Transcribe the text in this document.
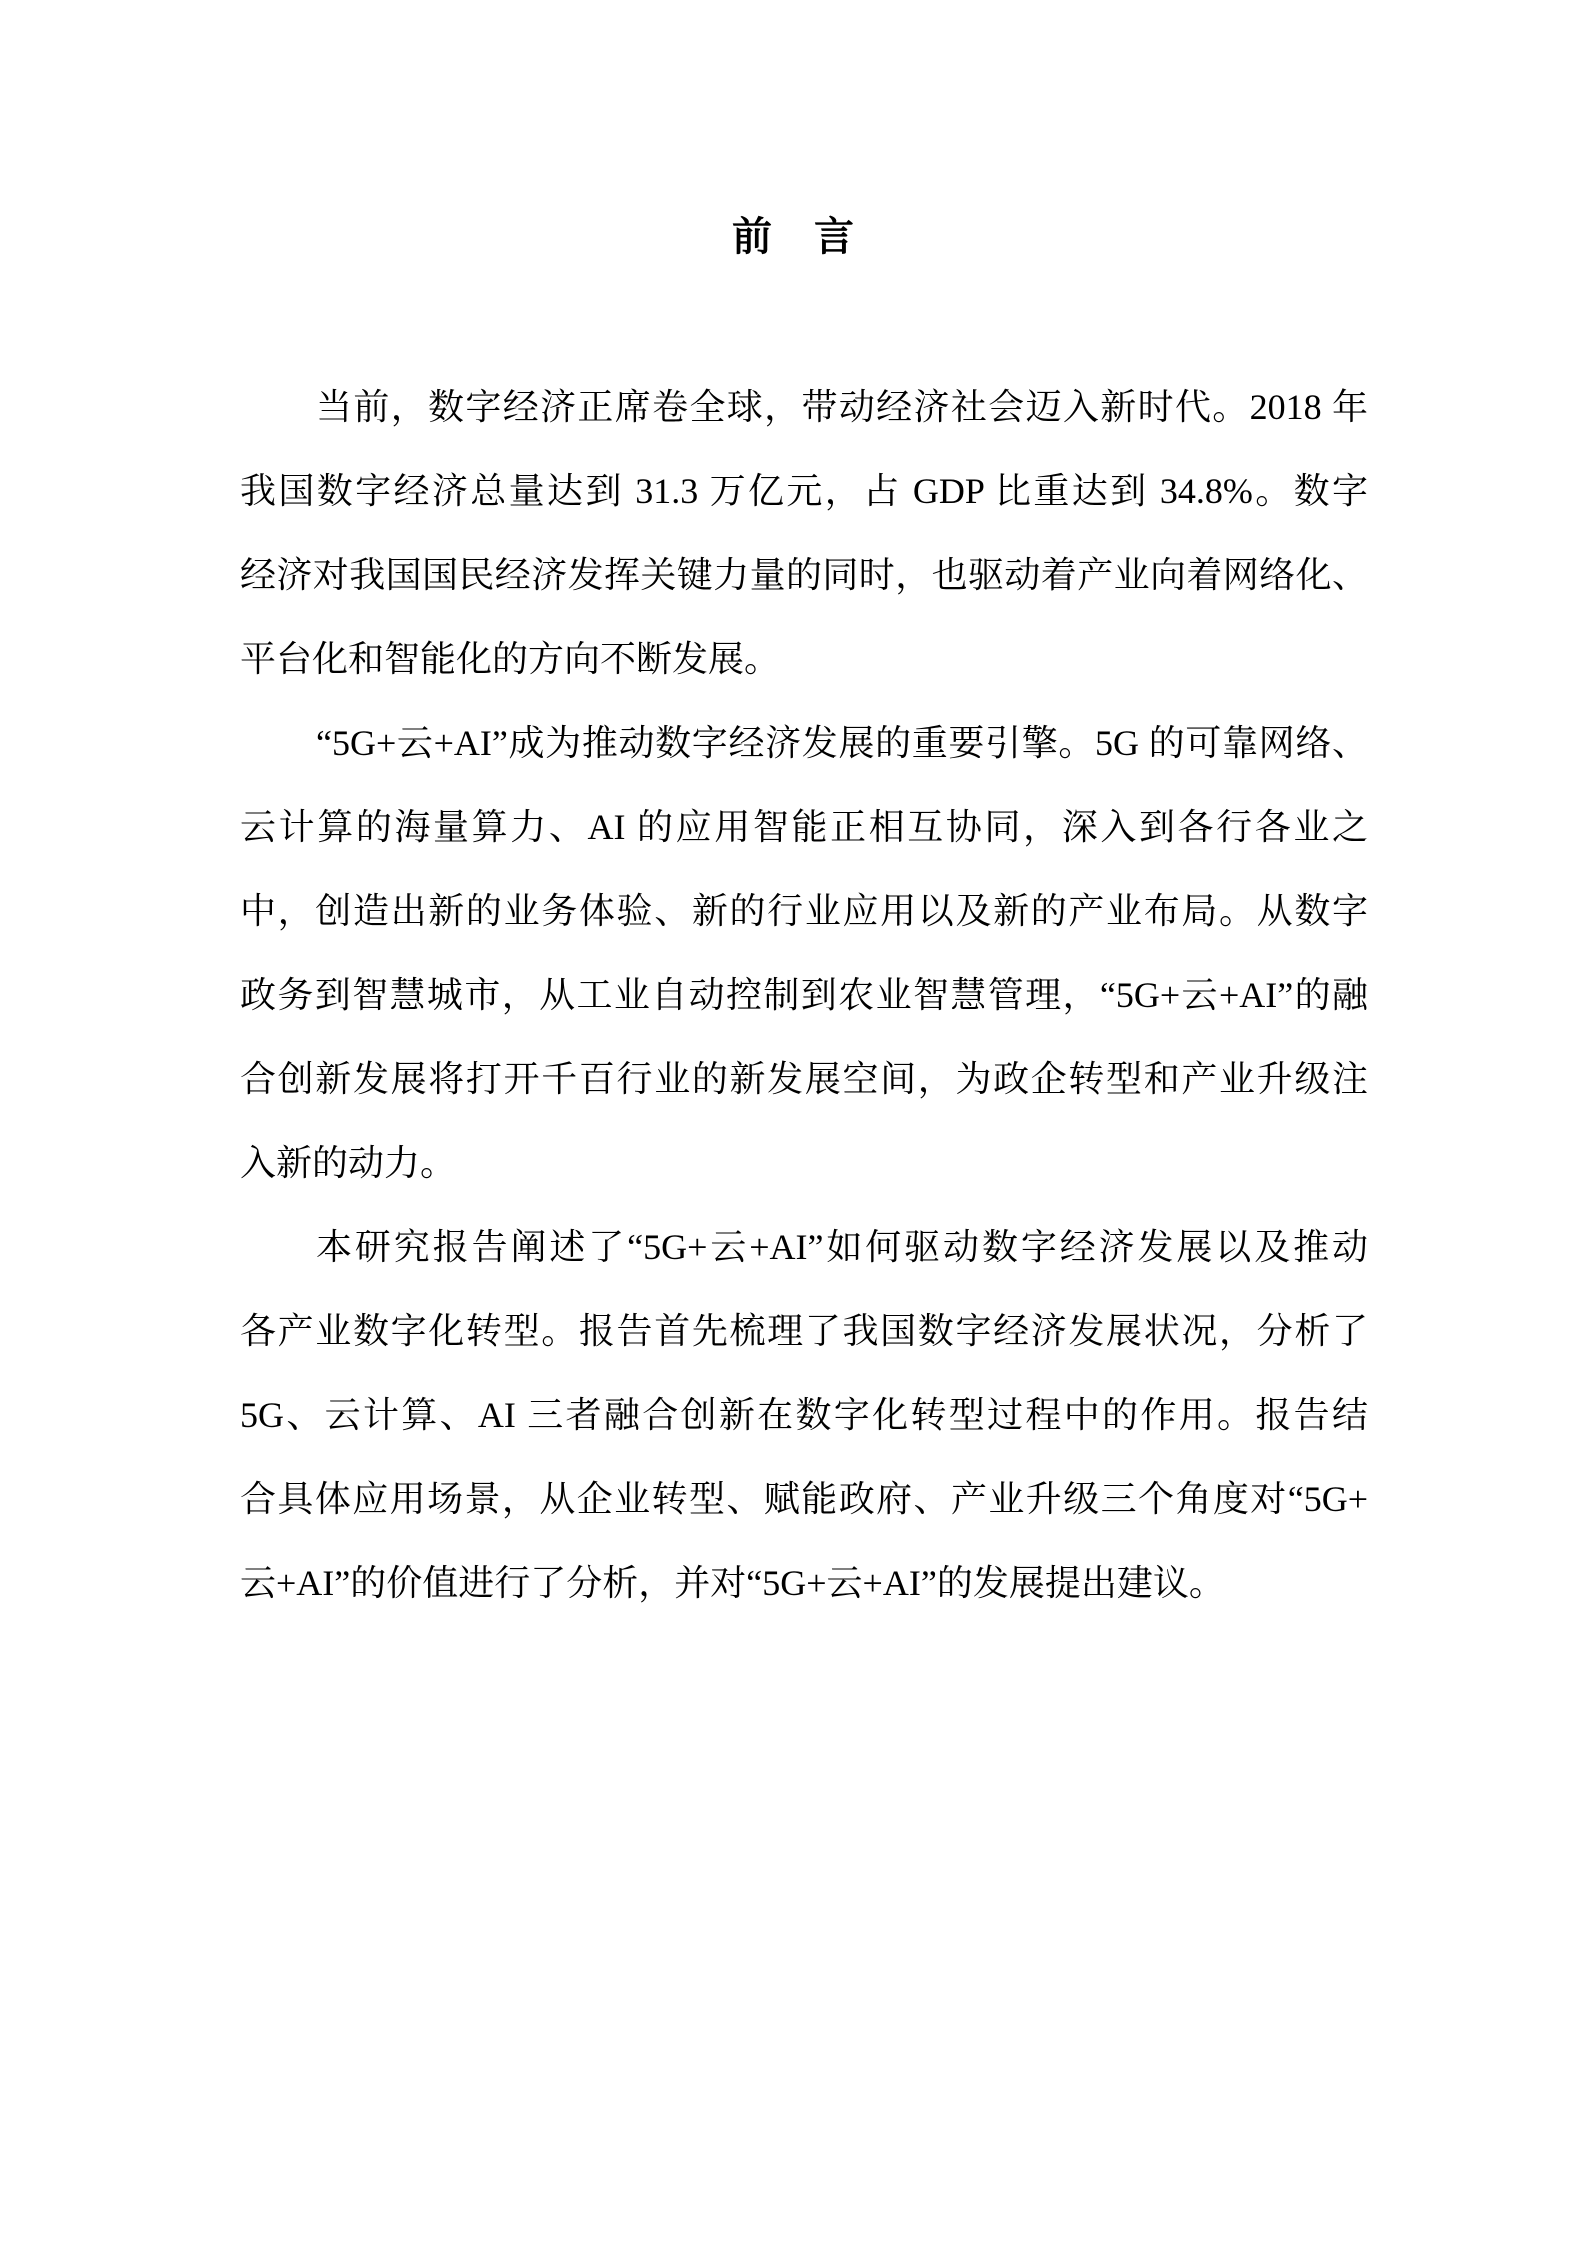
前言
当前，数字经济正席卷全球，带动经济社会迈入新时代。2018 年
我国数字经济总量达到 31.3 万亿元，占 GDP 比重达到 34.8%。数字
经济对我国国民经济发挥关键力量的同时，也驱动着产业向着网络化、
平台化和智能化的方向不断发展。
“5G+云+AI”成为推动数字经济发展的重要引擎。5G 的可靠网络、
云计算的海量算力、AI 的应用智能正相互协同，深入到各行各业之
中，创造出新的业务体验、新的行业应用以及新的产业布局。从数字
政务到智慧城市，从工业自动控制到农业智慧管理，“5G+云+AI”的融
合创新发展将打开千百行业的新发展空间，为政企转型和产业升级注
入新的动力。
本研究报告阐述了“5G+云+AI”如何驱动数字经济发展以及推动
各产业数字化转型。报告首先梳理了我国数字经济发展状况，分析了
5G、云计算、AI 三者融合创新在数字化转型过程中的作用。报告结
合具体应用场景，从企业转型、赋能政府、产业升级三个角度对“5G+
云+AI”的价值进行了分析，并对“5G+云+AI”的发展提出建议。
